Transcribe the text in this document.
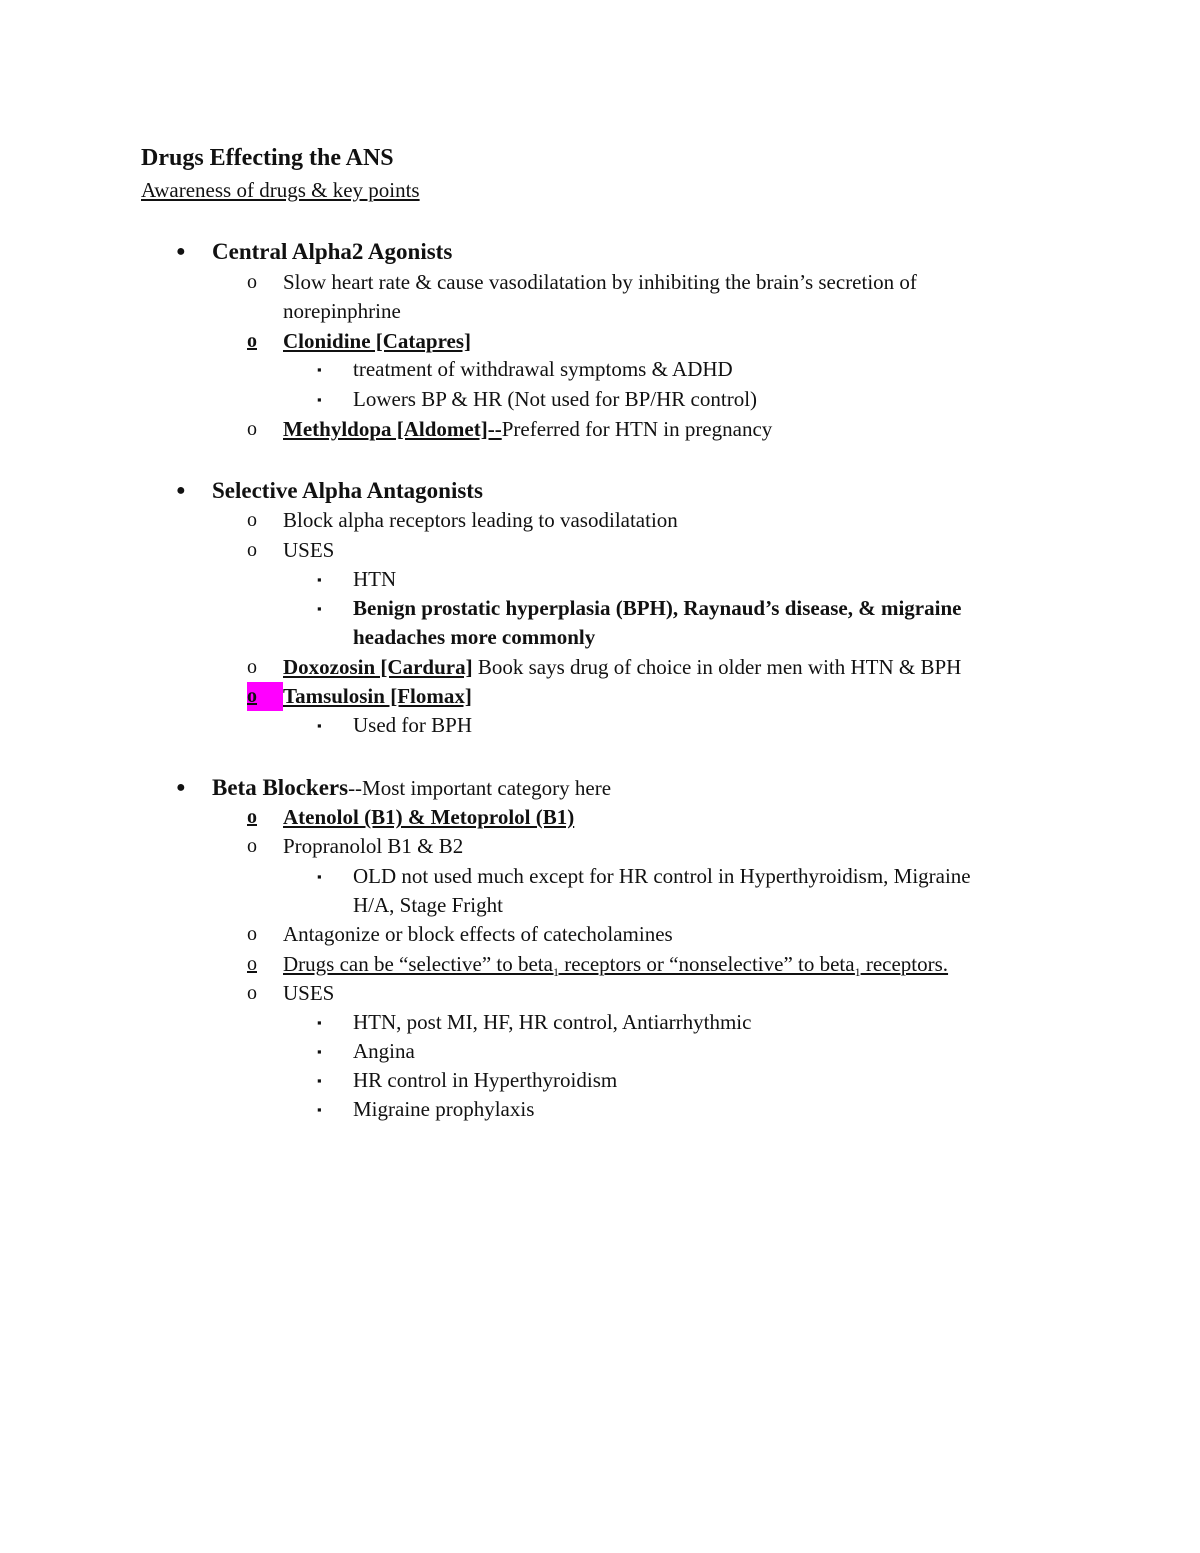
Drugs Effecting the ANS
Awareness of drugs & key points
●	Central Alpha2 Agonists
o	Slow heart rate & cause vasodilatation by inhibiting the brain’s secretion of
norepinphrine
o	Clonidine [Catapres]
▪	treatment of withdrawal symptoms & ADHD
▪	Lowers BP & HR (Not used for BP/HR control)
o	Methyldopa [Aldomet]--Preferred for HTN in pregnancy
●	Selective Alpha Antagonists
o	Block alpha receptors leading to vasodilatation
o	USES
▪	HTN
▪	Benign prostatic hyperplasia (BPH), Raynaud’s disease, & migraine
headaches more commonly
o	Doxozosin [Cardura] Book says drug of choice in older men with HTN & BPH
o	Tamsulosin [Flomax]
▪	Used for BPH
●	Beta Blockers--Most important category here
o	Atenolol (B1) & Metoprolol (B1)
o	Propranolol B1 & B2
▪	OLD not used much except for HR control in Hyperthyroidism, Migraine
H/A, Stage Fright
o	Antagonize or block effects of catecholamines
o	Drugs can be “selective” to beta$_1$ receptors or “nonselective” to beta$_1$ receptors.
o	USES
▪	HTN, post MI, HF, HR control, Antiarrhythmic
▪	Angina
▪	HR control in Hyperthyroidism
▪	Migraine prophylaxis
